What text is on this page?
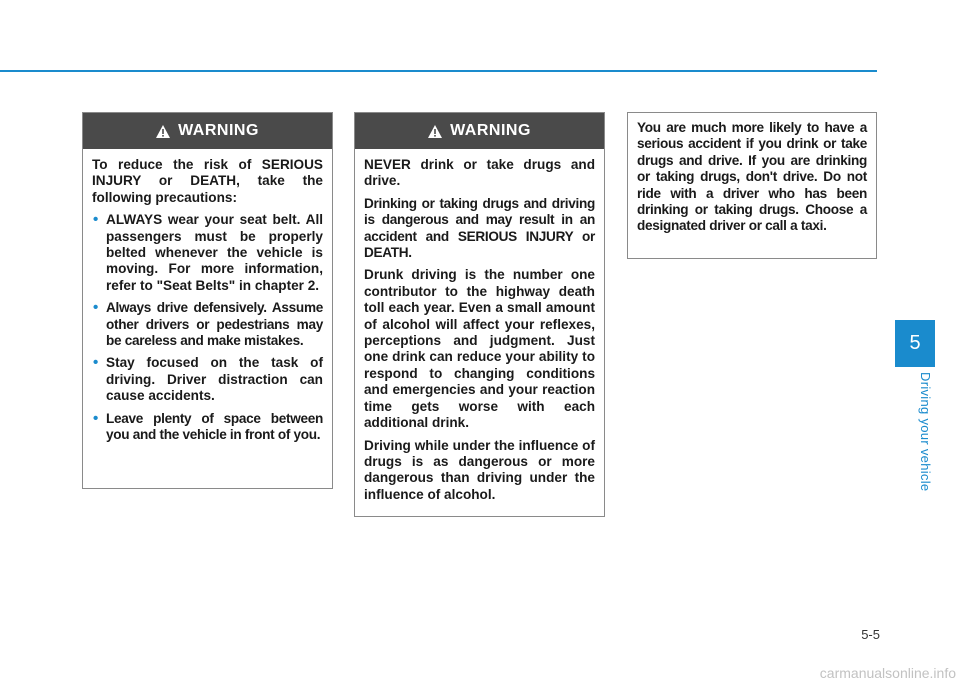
WARNING

To reduce the risk of SERIOUS INJURY or DEATH, take the following precautions:

• ALWAYS wear your seat belt. All passengers must be properly belted whenever the vehicle is moving. For more information, refer to "Seat Belts" in chapter 2.
• Always drive defensively. Assume other drivers or pedestrians may be careless and make mistakes.
• Stay focused on the task of driving. Driver distraction can cause accidents.
• Leave plenty of space between you and the vehicle in front of you.
WARNING

NEVER drink or take drugs and drive.

Drinking or taking drugs and driving is dangerous and may result in an accident and SERIOUS INJURY or DEATH.

Drunk driving is the number one contributor to the highway death toll each year. Even a small amount of alcohol will affect your reflexes, perceptions and judgment. Just one drink can reduce your ability to respond to changing conditions and emergencies and your reaction time gets worse with each additional drink.

Driving while under the influence of drugs is as dangerous or more dangerous than driving under the influence of alcohol.

You are much more likely to have a serious accident if you drink or take drugs and drive. If you are drinking or taking drugs, don't drive. Do not ride with a driver who has been drinking or taking drugs. Choose a designated driver or call a taxi.

5
Driving your vehicle
5-5
carmanualsonline.info
